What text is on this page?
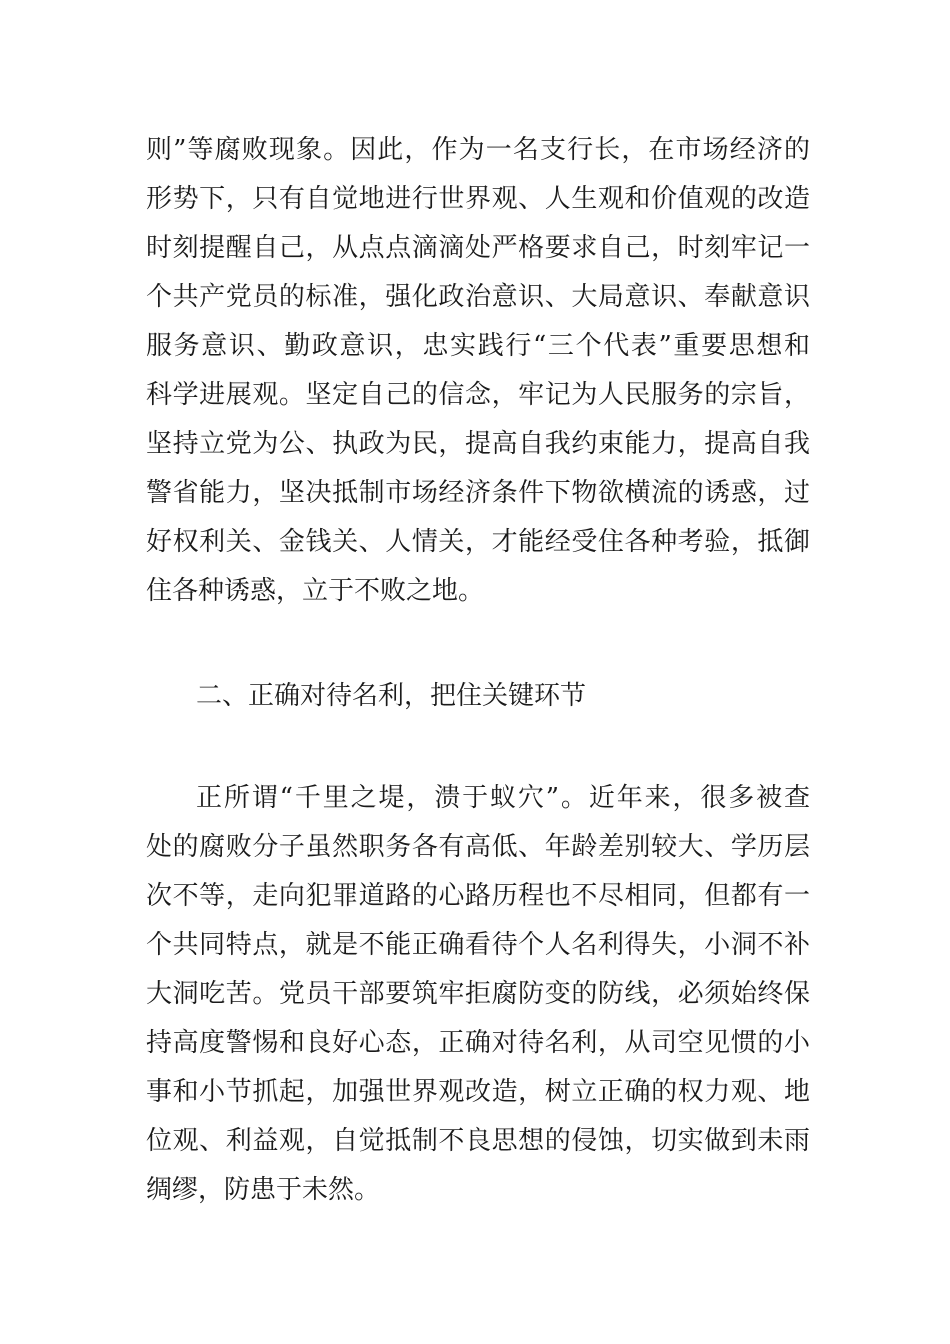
则”等腐败现象。因此，作为一名支行长，在市场经济的
形势下，只有自觉地进行世界观、人生观和价值观的改造
时刻提醒自己，从点点滴滴处严格要求自己，时刻牢记一
个共产党员的标准，强化政治意识、大局意识、奉献意识
服务意识、勤政意识，忠实践行“三个代表”重要思想和
科学进展观。坚定自己的信念，牢记为人民服务的宗旨，
坚持立党为公、执政为民，提高自我约束能力，提高自我
警省能力，坚决抵制市场经济条件下物欲横流的诱惑，过
好权利关、金钱关、人情关，才能经受住各种考验，抵御
住各种诱惑，立于不败之地。
二、正确对待名利，把住关键环节
正所谓“千里之堤，溃于蚁穴”。近年来，很多被查
处的腐败分子虽然职务各有高低、年龄差别较大、学历层
次不等，走向犯罪道路的心路历程也不尽相同，但都有一
个共同特点，就是不能正确看待个人名利得失，小洞不补
大洞吃苦。党员干部要筑牢拒腐防变的防线，必须始终保
持高度警惕和良好心态，正确对待名利，从司空见惯的小
事和小节抓起，加强世界观改造，树立正确的权力观、地
位观、利益观，自觉抵制不良思想的侵蚀，切实做到未雨
绸缪，防患于未然。
